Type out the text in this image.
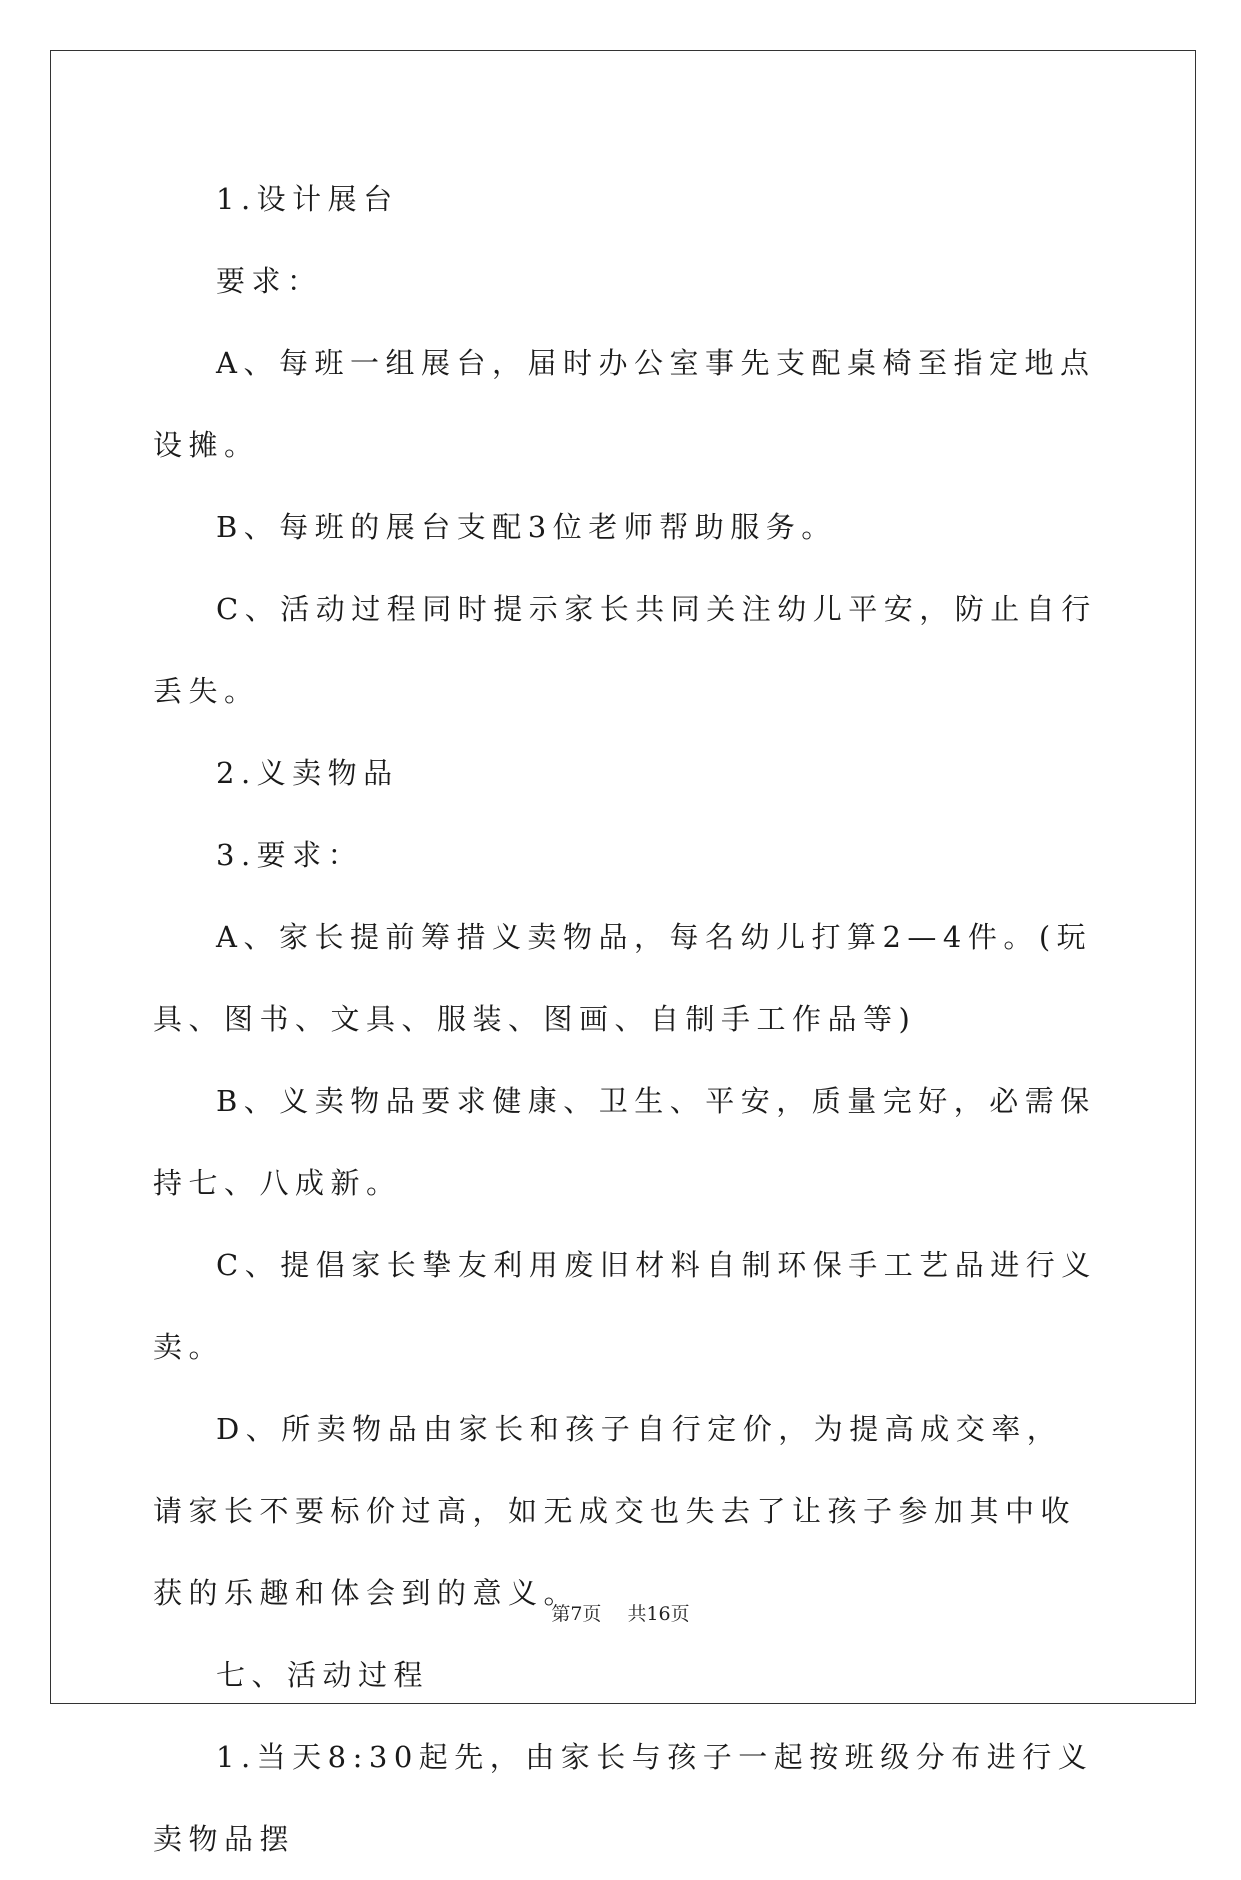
1.设计展台

要求：

A、每班一组展台，届时办公室事先支配桌椅至指定地点设摊。

B、每班的展台支配3位老师帮助服务。

C、活动过程同时提示家长共同关注幼儿平安，防止自行丢失。

2.义卖物品

3.要求：

A、家长提前筹措义卖物品，每名幼儿打算2—4件。(玩具、图书、文具、服装、图画、自制手工作品等)

B、义卖物品要求健康、卫生、平安，质量完好，必需保持七、八成新。

C、提倡家长挚友利用废旧材料自制环保手工艺品进行义卖。

D、所卖物品由家长和孩子自行定价，为提高成交率，请家长不要标价过高，如无成交也失去了让孩子参加其中收获的乐趣和体会到的意义。

七、活动过程

1.当天8:30起先，由家长与孩子一起按班级分布进行义卖物品摆

第7页 共16页
